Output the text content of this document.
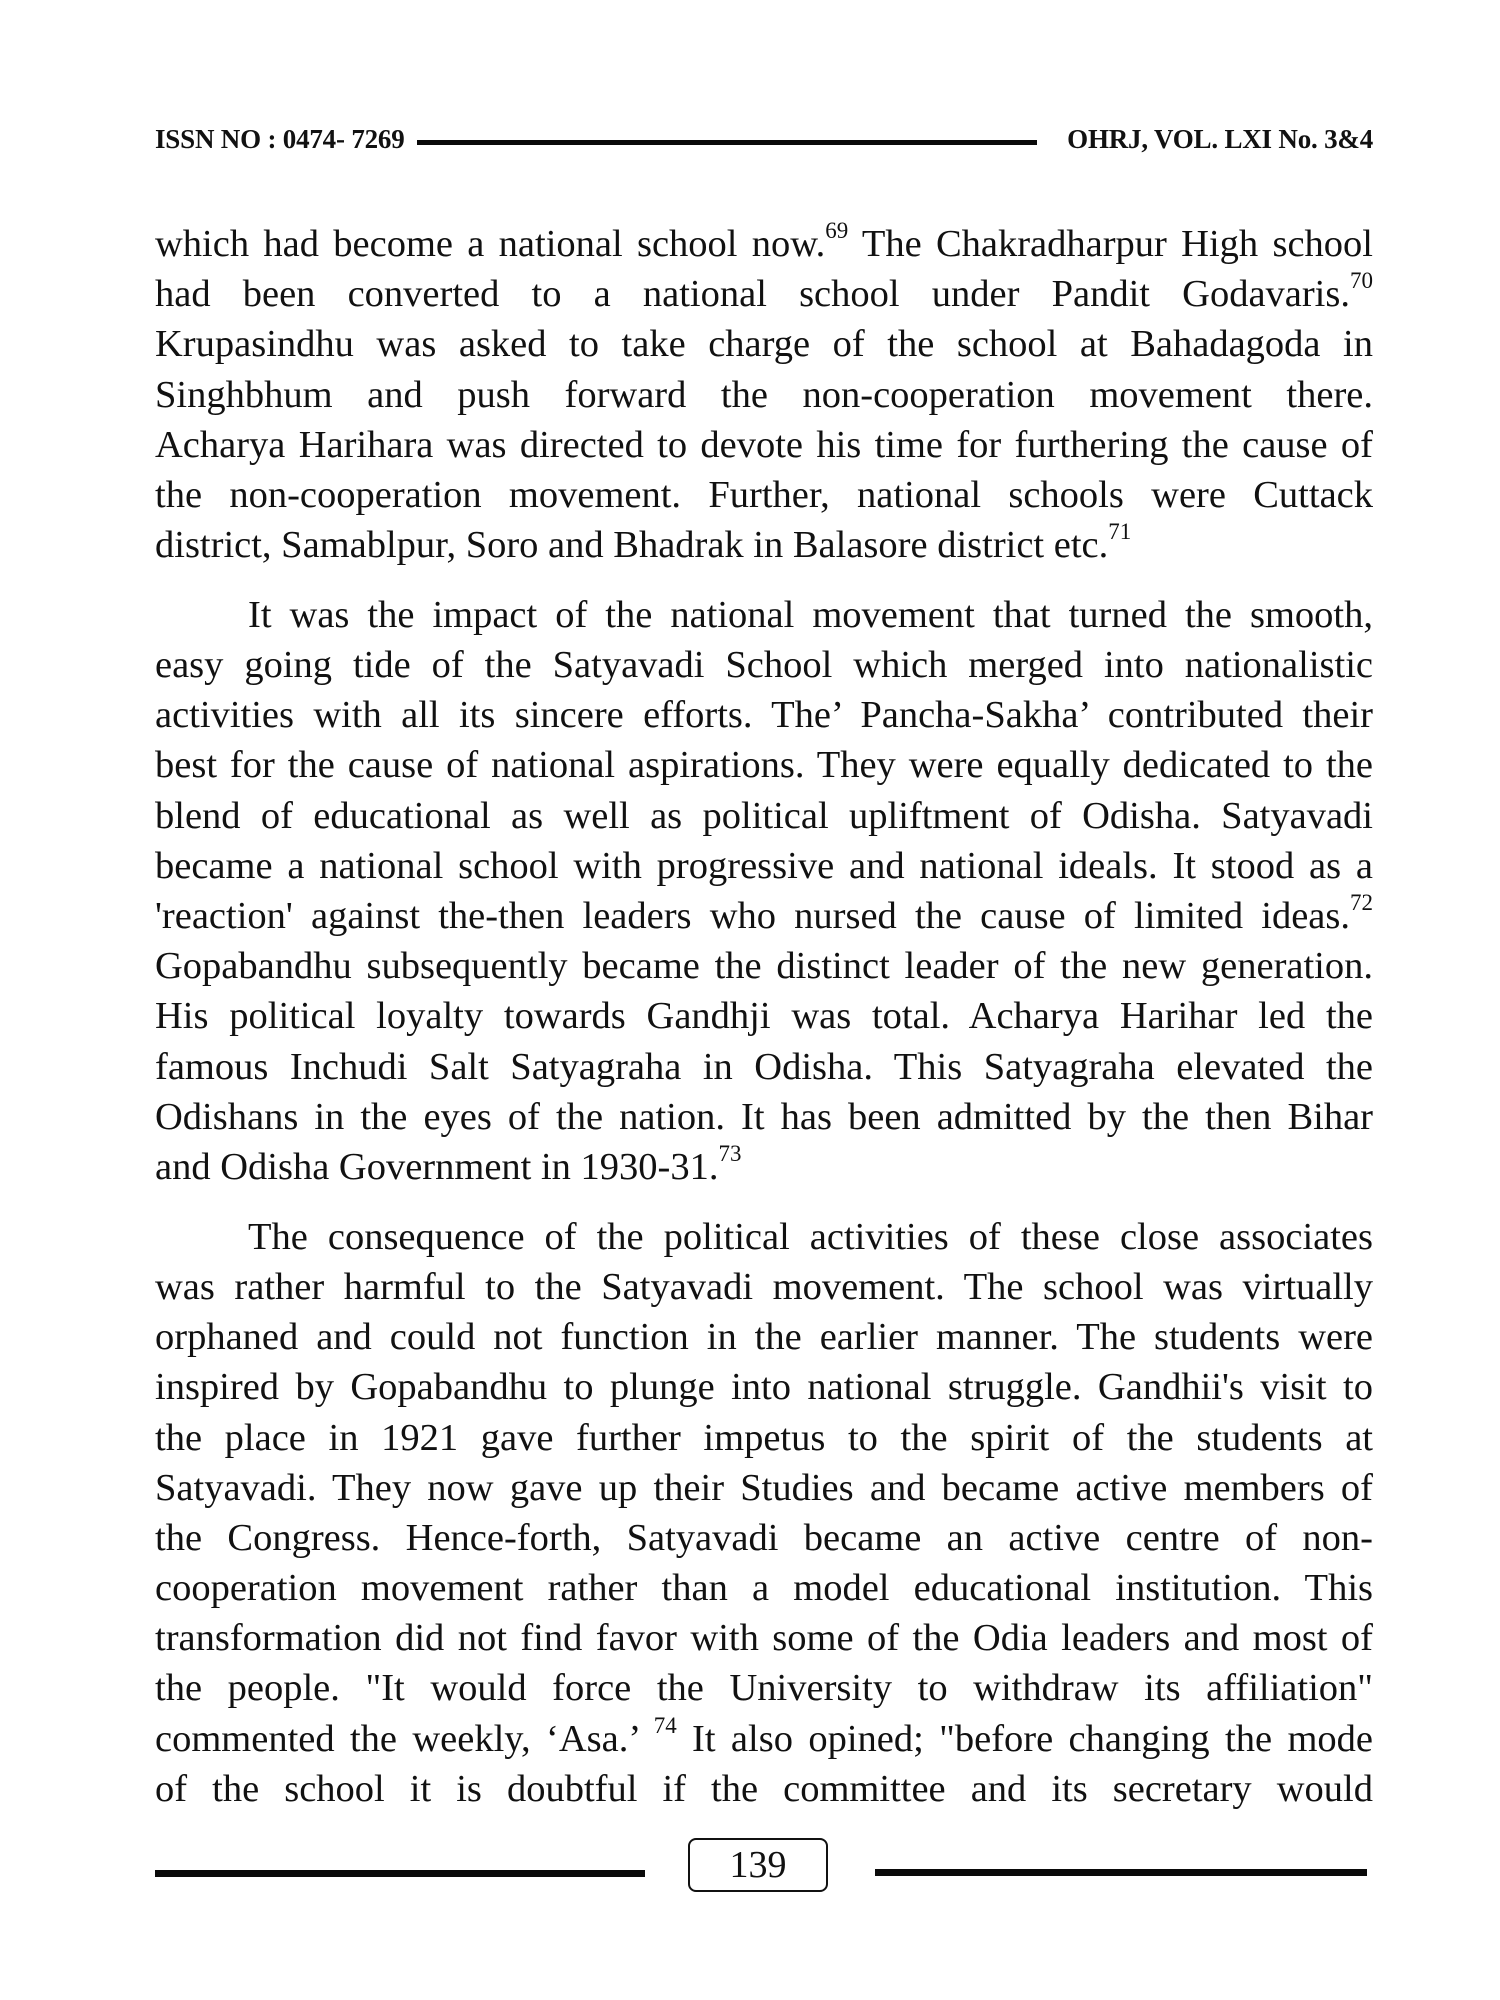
ISSN NO : 0474- 7269	OHRJ, VOL. LXI No. 3&4
which had become a national school now.$^{69}$ The Chakradharpur High school
had been converted to a national school under Pandit Godavaris.$^{70}$
Krupasindhu was asked to take charge of the school at Bahadagoda in
Singhbhum and push forward the non-cooperation movement there.
Acharya Harihara was directed to devote his time for furthering the cause of
the non-cooperation movement. Further, national schools were Cuttack
district, Samablpur, Soro and Bhadrak in Balasore district etc.$^{71}$
It was the impact of the national movement that turned the smooth,
easy going tide of the Satyavadi School which merged into nationalistic
activities with all its sincere efforts. The’ Pancha-Sakha’ contributed their
best for the cause of national aspirations. They were equally dedicated to the
blend of educational as well as political upliftment of Odisha. Satyavadi
became a national school with progressive and national ideals. It stood as a
'reaction' against the-then leaders who nursed the cause of limited ideas.$^{72}$
Gopabandhu subsequently became the distinct leader of the new generation.
His political loyalty towards Gandhji was total. Acharya Harihar led the
famous Inchudi Salt Satyagraha in Odisha. This Satyagraha elevated the
Odishans in the eyes of the nation. It has been admitted by the then Bihar
and Odisha Government in 1930-31.73
The consequence of the political activities of these close associates
was rather harmful to the Satyavadi movement. The school was virtually
orphaned and could not function in the earlier manner. The students were
inspired by Gopabandhu to plunge into national struggle. Gandhii's visit to
the place in 1921 gave further impetus to the spirit of the students at
Satyavadi. They now gave up their Studies and became active members of
the Congress. Hence-forth, Satyavadi became an active centre of non-
cooperation movement rather than a model educational institution. This
transformation did not find favor with some of the Odia leaders and most of
the people. "It would force the University to withdraw its affiliation"
commented the weekly, ‘Asa.’ $^{74}$ It also opined; "before changing the mode
of the school it is doubtful if the committee and its secretary would
139
